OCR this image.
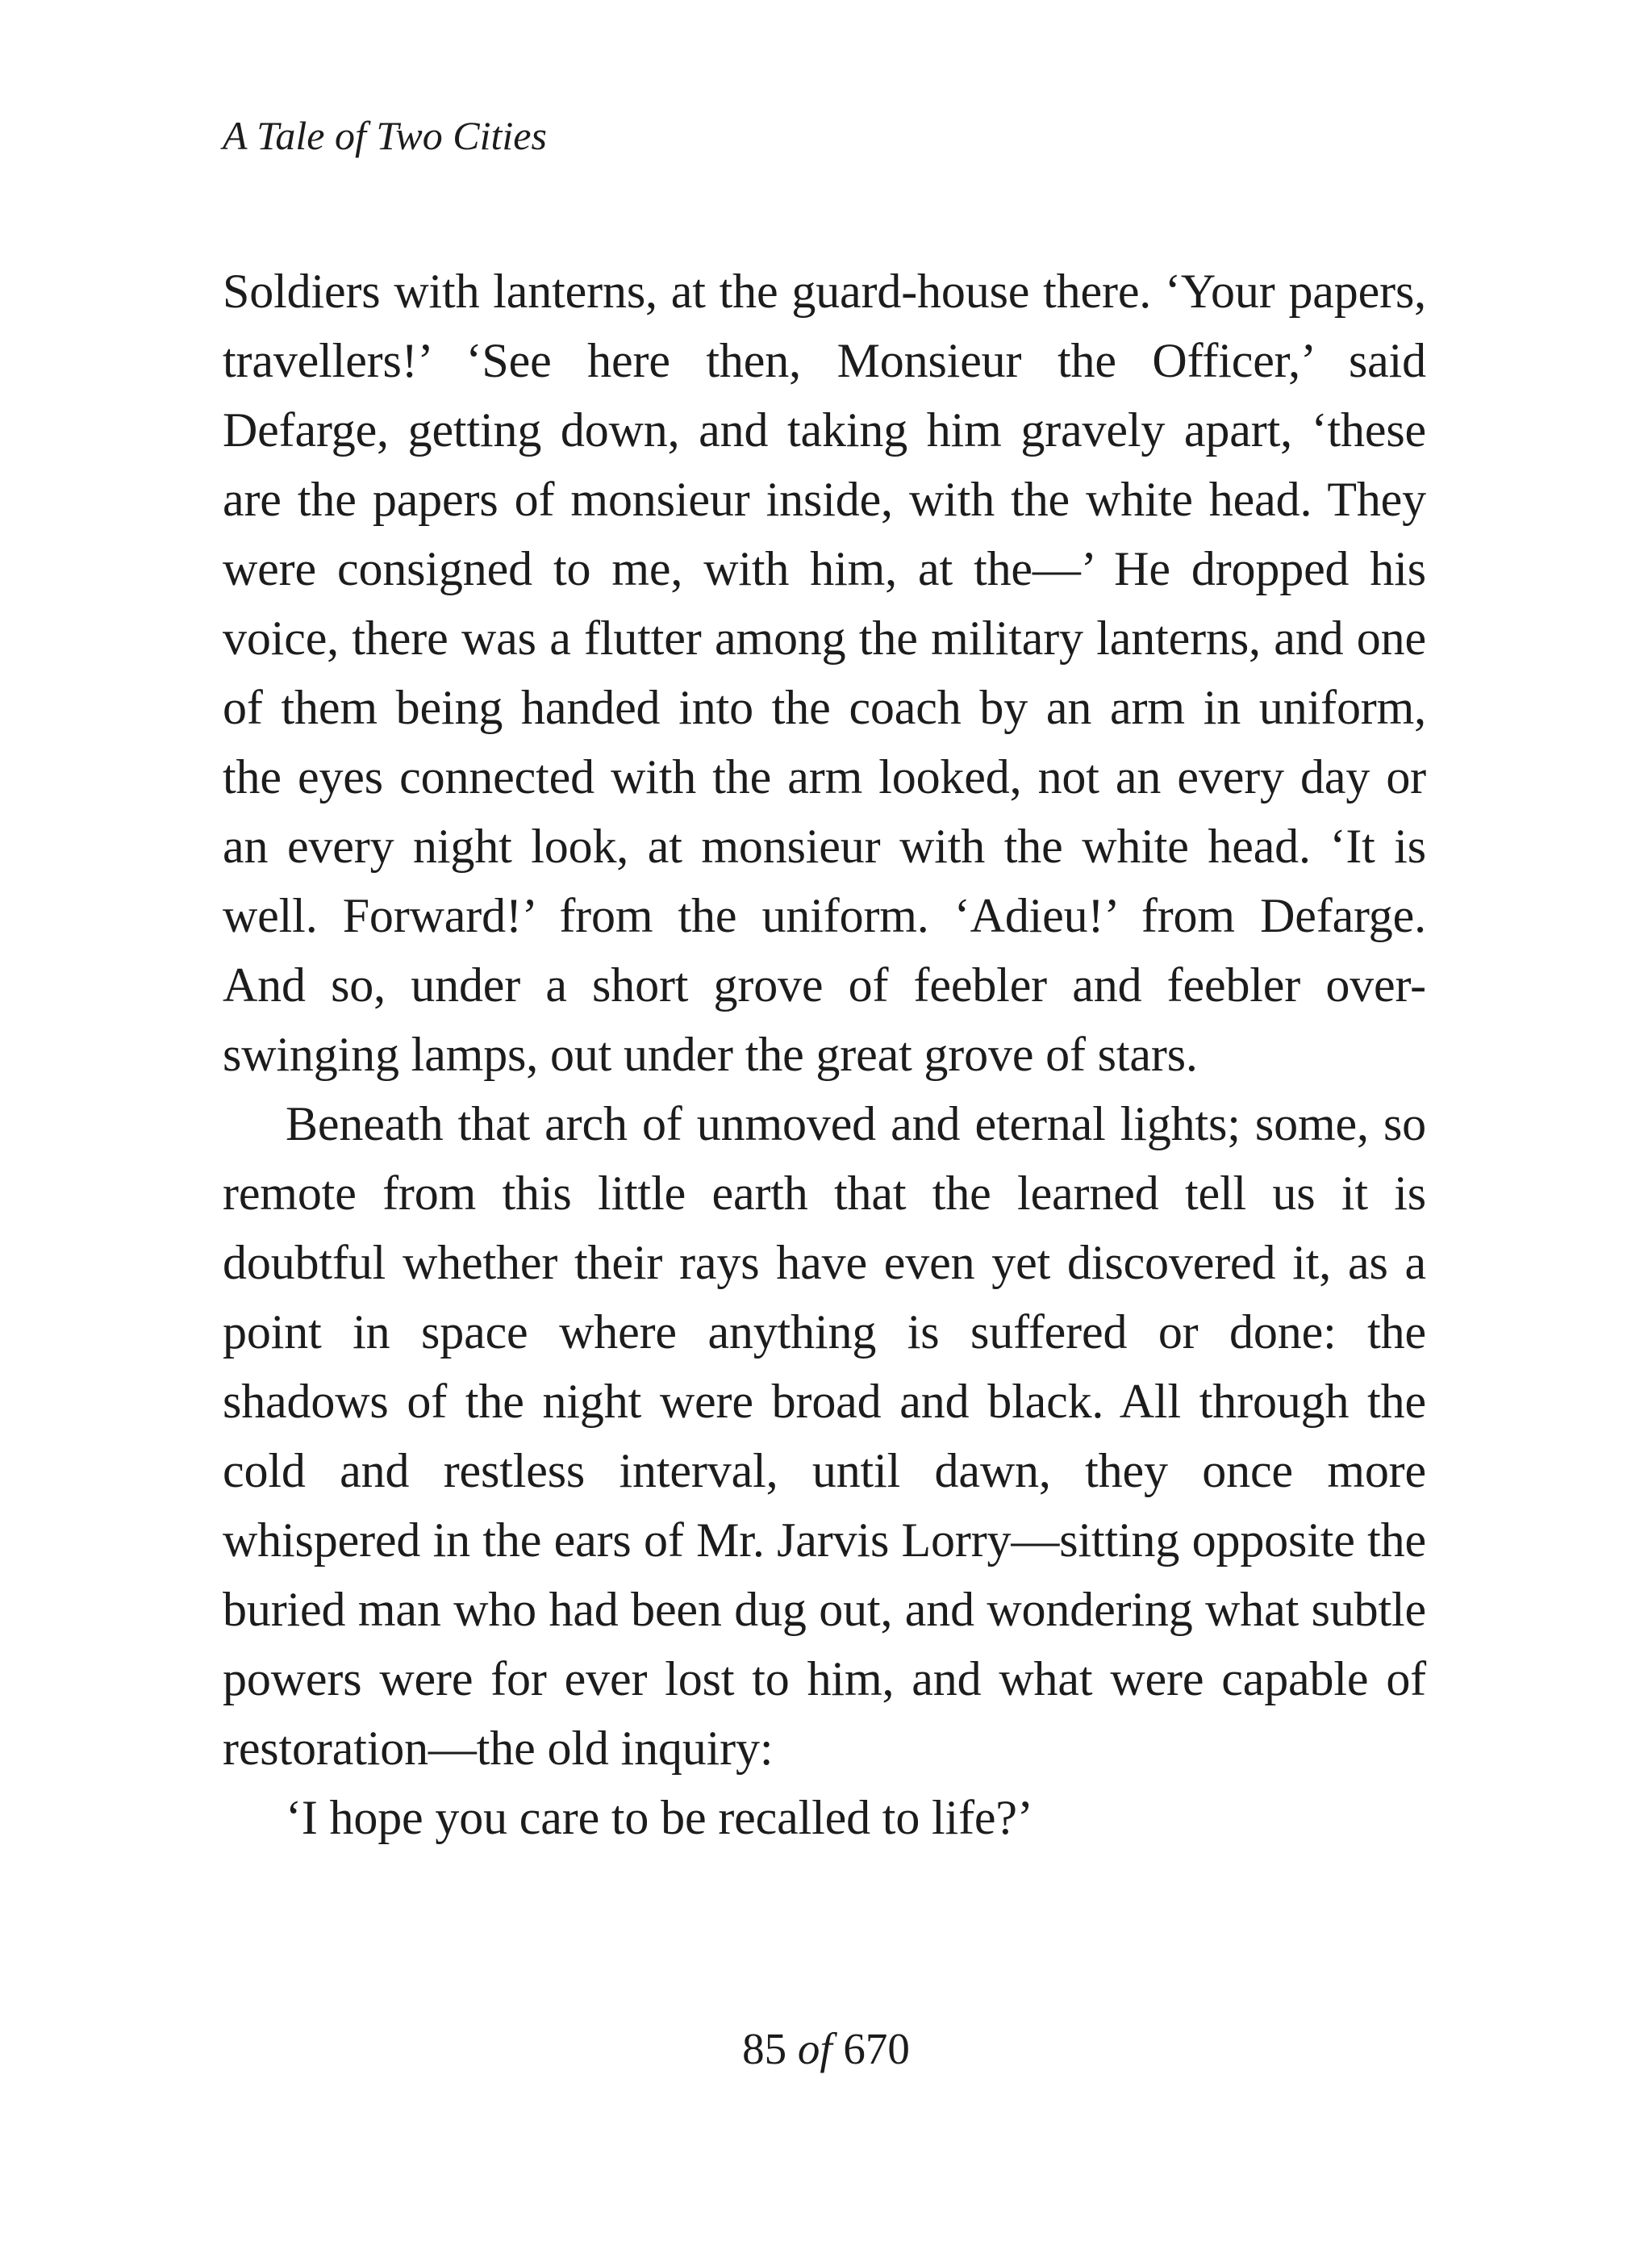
A Tale of Two Cities

Soldiers with lanterns, at the guard-house there. ‘Your papers, travellers!’ ‘See here then, Monsieur the Officer,’ said Defarge, getting down, and taking him gravely apart, ‘these are the papers of monsieur inside, with the white head. They were consigned to me, with him, at the—’ He dropped his voice, there was a flutter among the military lanterns, and one of them being handed into the coach by an arm in uniform, the eyes connected with the arm looked, not an every day or an every night look, at monsieur with the white head. ‘It is well. Forward!’ from the uniform. ‘Adieu!’ from Defarge. And so, under a short grove of feebler and feebler over-swinging lamps, out under the great grove of stars.

Beneath that arch of unmoved and eternal lights; some, so remote from this little earth that the learned tell us it is doubtful whether their rays have even yet discovered it, as a point in space where anything is suffered or done: the shadows of the night were broad and black. All through the cold and restless interval, until dawn, they once more whispered in the ears of Mr. Jarvis Lorry—sitting opposite the buried man who had been dug out, and wondering what subtle powers were for ever lost to him, and what were capable of restoration—the old inquiry:

‘I hope you care to be recalled to life?’

85 of 670
